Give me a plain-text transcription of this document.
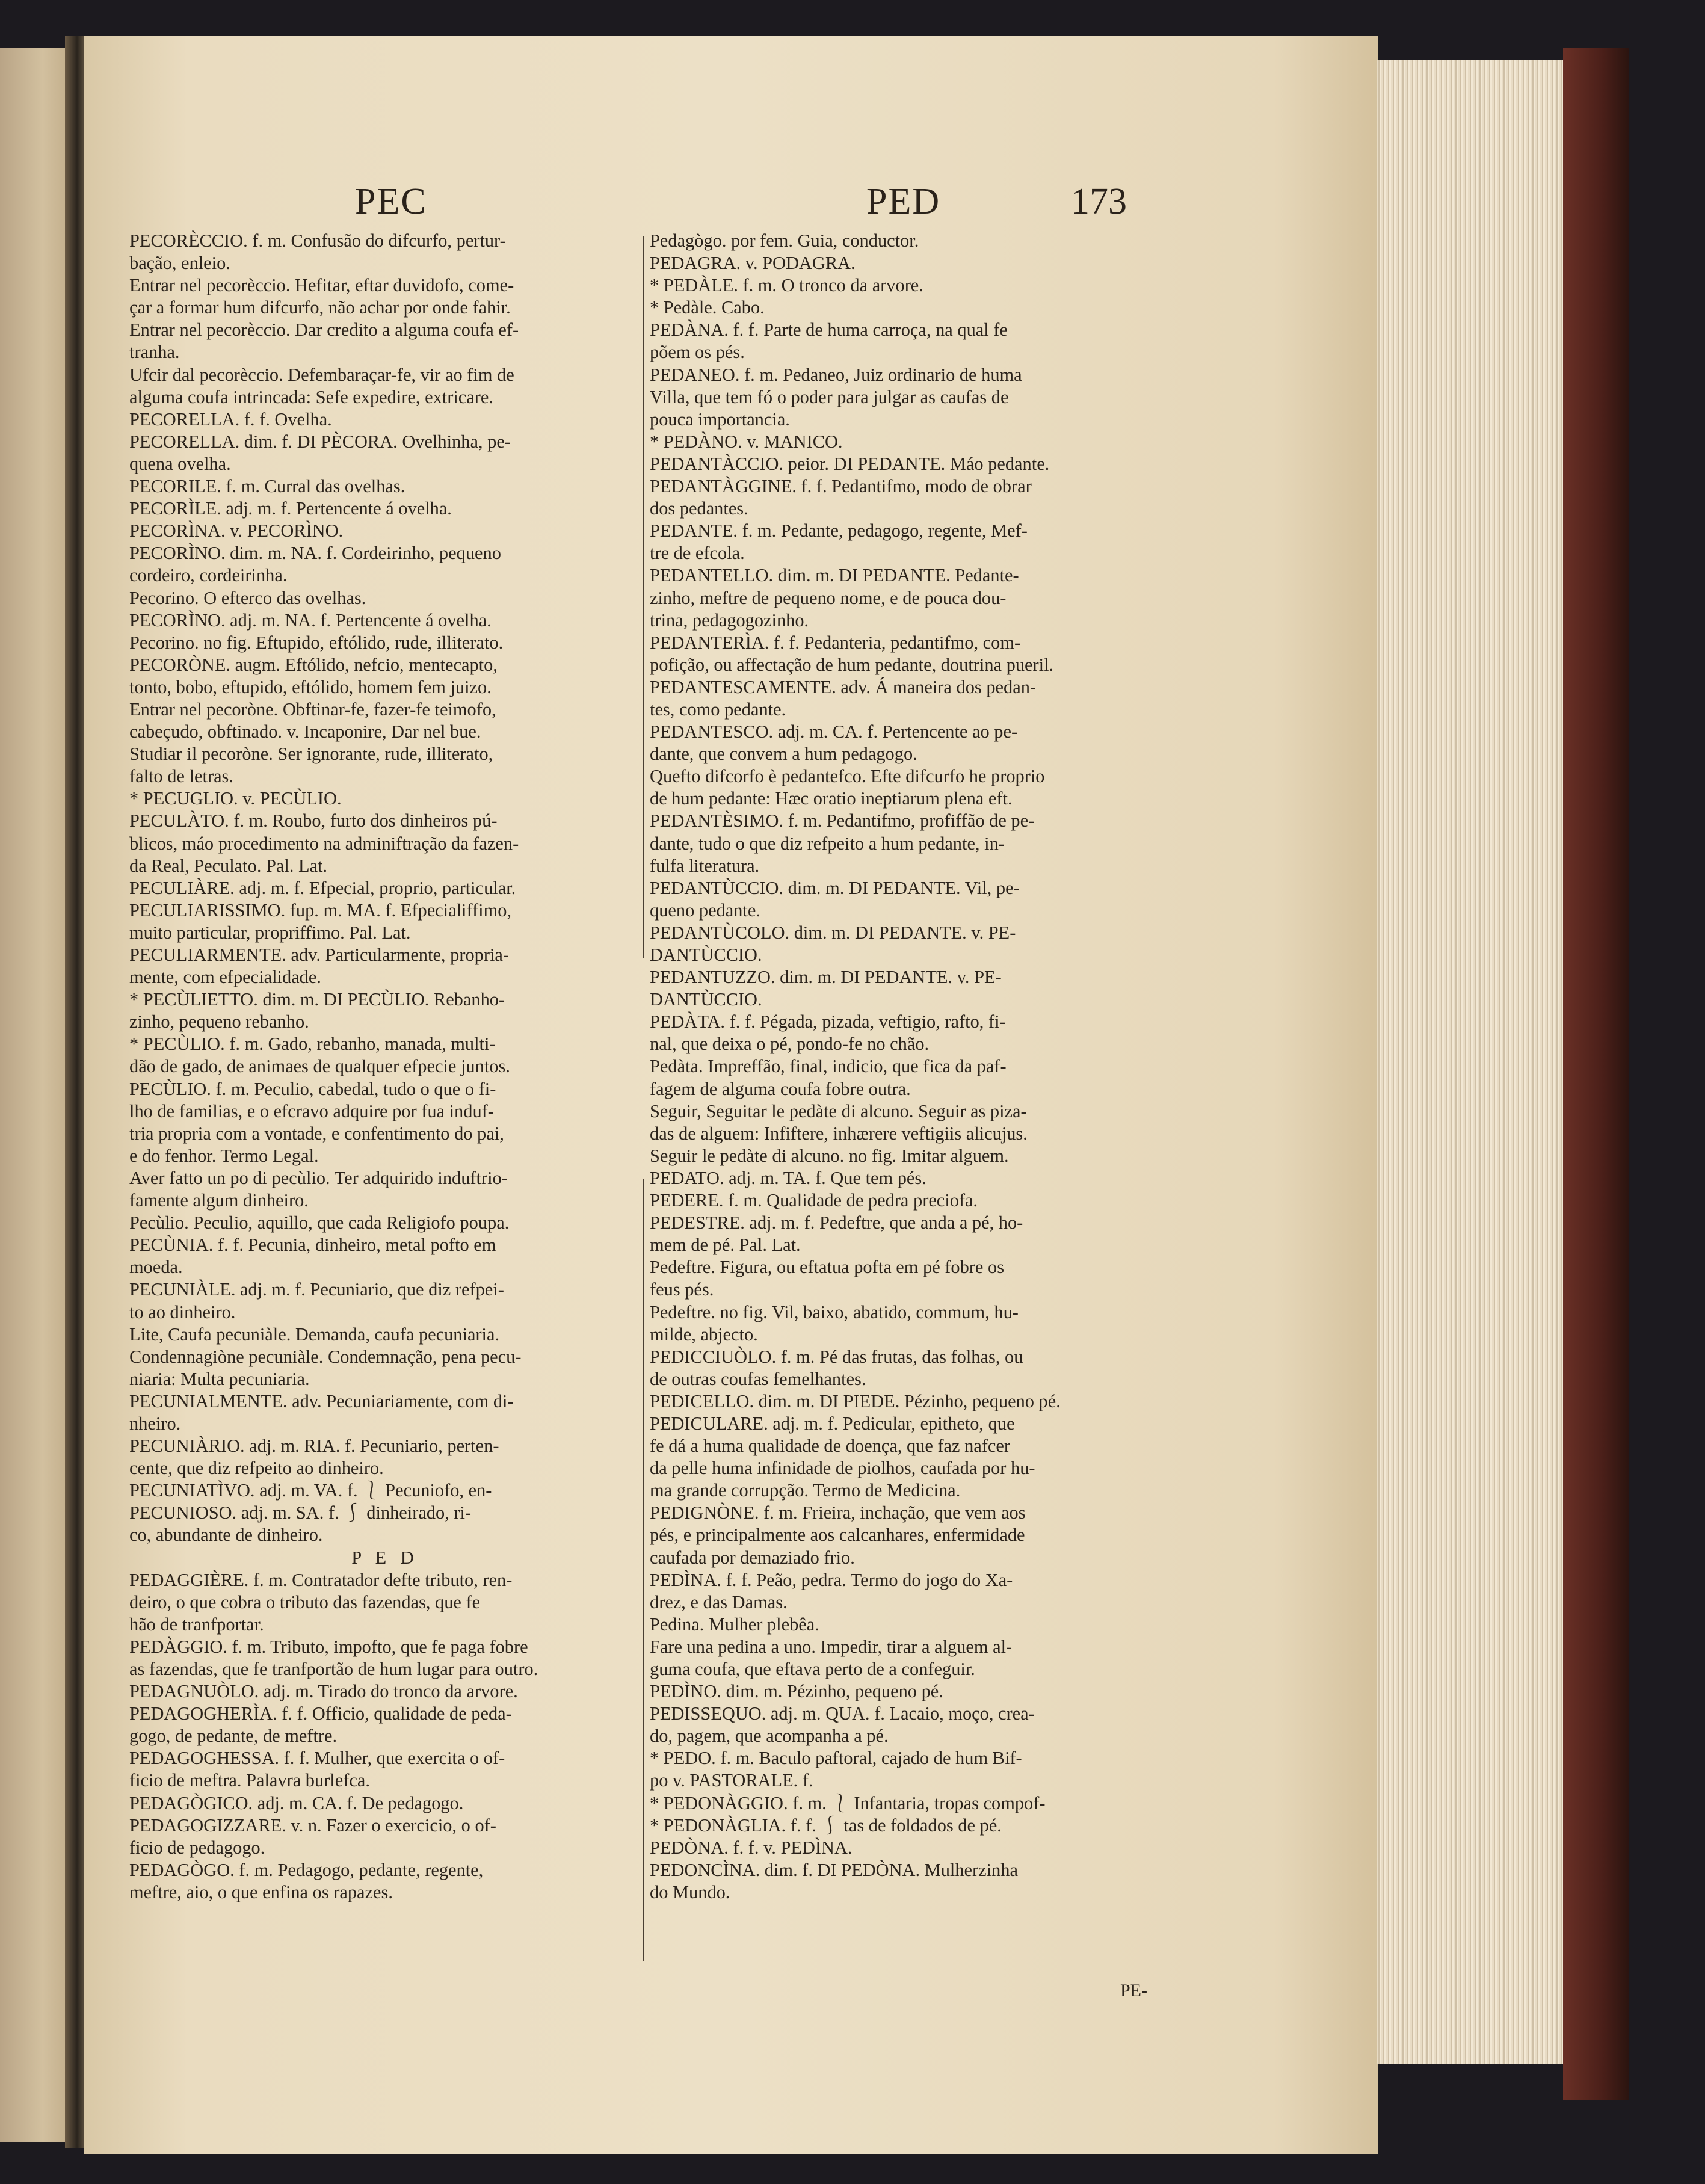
PEC	PED	173
PECORÈCCIO. f. m. Confusão do difcurfo, pertur-
bação, enleio.
Entrar nel pecorèccio. Hefitar, eftar duvidofo, come-
çar a formar hum difcurfo, não achar por onde fahir.
Entrar nel pecorèccio. Dar credito a alguma coufa ef-
tranha.
Ufcir dal pecorèccio. Defembaraçar-fe, vir ao fim de
alguma coufa intrincada: Sefe expedire, extricare.
PECORELLA. f. f. Ovelha.
PECORELLA. dim. f. DI PÈCORA. Ovelhinha, pe-
quena ovelha.
PECORILE. f. m. Curral das ovelhas.
PECORÌLE. adj. m. f. Pertencente á ovelha.
PECORÌNA. v. PECORÌNO.
PECORÌNO. dim. m. NA. f. Cordeirinho, pequeno
cordeiro, cordeirinha.
Pecorino. O efterco das ovelhas.
PECORÌNO. adj. m. NA. f. Pertencente á ovelha.
Pecorino. no fig. Eftupido, eftólido, rude, illiterato.
PECORÒNE. augm. Eftólido, nefcio, mentecapto,
tonto, bobo, eftupido, eftólido, homem fem juizo.
Entrar nel pecoròne. Obftinar-fe, fazer-fe teimofo,
cabeçudo, obftinado. v. Incaponire, Dar nel bue.
Studiar il pecoròne. Ser ignorante, rude, illiterato,
falto de letras.
* PECUGLIO. v. PECÙLIO.
PECULÀTO. f. m. Roubo, furto dos dinheiros pú-
blicos, máo procedimento na adminiftração da fazen-
da Real, Peculato. Pal. Lat.
PECULIÀRE. adj. m. f. Efpecial, proprio, particular.
PECULIARISSIMO. fup. m. MA. f. Efpecialiffimo,
muito particular, propriffimo. Pal. Lat.
PECULIARMENTE. adv. Particularmente, propria-
mente, com efpecialidade.
* PECÙLIETTO. dim. m. DI PECÙLIO. Rebanho-
zinho, pequeno rebanho.
* PECÙLIO. f. m. Gado, rebanho, manada, multi-
dão de gado, de animaes de qualquer efpecie juntos.
PECÙLIO. f. m. Peculio, cabedal, tudo o que o fi-
lho de familias, e o efcravo adquire por fua induf-
tria propria com a vontade, e confentimento do pai,
e do fenhor. Termo Legal.
Aver fatto un po di pecùlio. Ter adquirido induftrio-
famente algum dinheiro.
Pecùlio. Peculio, aquillo, que cada Religiofo poupa.
PECÙNIA. f. f. Pecunia, dinheiro, metal pofto em
moeda.
PECUNIÀLE. adj. m. f. Pecuniario, que diz refpei-
to ao dinheiro.
Lite, Caufa pecuniàle. Demanda, caufa pecuniaria.
Condennagiòne pecuniàle. Condemnação, pena pecu-
niaria: Multa pecuniaria.
PECUNIALMENTE. adv. Pecuniariamente, com di-
nheiro.
PECUNIÀRIO. adj. m. RIA. f. Pecuniario, perten-
cente, que diz refpeito ao dinheiro.
PECUNIATÌVO. adj. m. VA. f. ⎱ Pecuniofo, en-
PECUNIOSO. adj. m. SA. f. ⎰ dinheirado, ri-
co, abundante de dinheiro.
P E D
PEDAGGIÈRE. f. m. Contratador defte tributo, ren-
deiro, o que cobra o tributo das fazendas, que fe
hão de tranfportar.
PEDÀGGIO. f. m. Tributo, impofto, que fe paga fobre
as fazendas, que fe tranfportão de hum lugar para outro.
PEDAGNUÒLO. adj. m. Tirado do tronco da arvore.
PEDAGOGHERÌA. f. f. Officio, qualidade de peda-
gogo, de pedante, de meftre.
PEDAGOGHESSA. f. f. Mulher, que exercita o of-
ficio de meftra. Palavra burlefca.
PEDAGÒGICO. adj. m. CA. f. De pedagogo.
PEDAGOGIZZARE. v. n. Fazer o exercicio, o of-
ficio de pedagogo.
PEDAGÒGO. f. m. Pedagogo, pedante, regente,
meftre, aio, o que enfina os rapazes.
Pedagògo. por fem. Guia, conductor.
PEDAGRA. v. PODAGRA.
* PEDÀLE. f. m. O tronco da arvore.
* Pedàle. Cabo.
PEDÀNA. f. f. Parte de huma carroça, na qual fe
põem os pés.
PEDANEO. f. m. Pedaneo, Juiz ordinario de huma
Villa, que tem fó o poder para julgar as caufas de
pouca importancia.
* PEDÀNO. v. MANICO.
PEDANTÀCCIO. peior. DI PEDANTE. Máo pedante.
PEDANTÀGGINE. f. f. Pedantifmo, modo de obrar
dos pedantes.
PEDANTE. f. m. Pedante, pedagogo, regente, Mef-
tre de efcola.
PEDANTELLO. dim. m. DI PEDANTE. Pedante-
zinho, meftre de pequeno nome, e de pouca dou-
trina, pedagogozinho.
PEDANTERÌA. f. f. Pedanteria, pedantifmo, com-
pofição, ou affectação de hum pedante, doutrina pueril.
PEDANTESCAMENTE. adv. Á maneira dos pedan-
tes, como pedante.
PEDANTESCO. adj. m. CA. f. Pertencente ao pe-
dante, que convem a hum pedagogo.
Quefto difcorfo è pedantefco. Efte difcurfo he proprio
de hum pedante: Hæc oratio ineptiarum plena eft.
PEDANTÈSIMO. f. m. Pedantifmo, profiffão de pe-
dante, tudo o que diz refpeito a hum pedante, in-
fulfa literatura.
PEDANTÙCCIO. dim. m. DI PEDANTE. Vil, pe-
queno pedante.
PEDANTÙCOLO. dim. m. DI PEDANTE. v. PE-
DANTÙCCIO.
PEDANTUZZO. dim. m. DI PEDANTE. v. PE-
DANTÙCCIO.
PEDÀTA. f. f. Pégada, pizada, veftigio, rafto, fi-
nal, que deixa o pé, pondo-fe no chão.
Pedàta. Impreffão, final, indicio, que fica da paf-
fagem de alguma coufa fobre outra.
Seguir, Seguitar le pedàte di alcuno. Seguir as piza-
das de alguem: Infiftere, inhærere veftigiis alicujus.
Seguir le pedàte di alcuno. no fig. Imitar alguem.
PEDATO. adj. m. TA. f. Que tem pés.
PEDERE. f. m. Qualidade de pedra preciofa.
PEDESTRE. adj. m. f. Pedeftre, que anda a pé, ho-
mem de pé. Pal. Lat.
Pedeftre. Figura, ou eftatua pofta em pé fobre os
feus pés.
Pedeftre. no fig. Vil, baixo, abatido, commum, hu-
milde, abjecto.
PEDICCIUÒLO. f. m. Pé das frutas, das folhas, ou
de outras coufas femelhantes.
PEDICELLO. dim. m. DI PIEDE. Pézinho, pequeno pé.
PEDICULARE. adj. m. f. Pedicular, epitheto, que
fe dá a huma qualidade de doença, que faz nafcer
da pelle huma infinidade de piolhos, caufada por hu-
ma grande corrupção. Termo de Medicina.
PEDIGNÒNE. f. m. Frieira, inchação, que vem aos
pés, e principalmente aos calcanhares, enfermidade
caufada por demaziado frio.
PEDÌNA. f. f. Peão, pedra. Termo do jogo do Xa-
drez, e das Damas.
Pedina. Mulher plebêa.
Fare una pedina a uno. Impedir, tirar a alguem al-
guma coufa, que eftava perto de a confeguir.
PEDÌNO. dim. m. Pézinho, pequeno pé.
PEDISSEQUO. adj. m. QUA. f. Lacaio, moço, crea-
do, pagem, que acompanha a pé.
* PEDO. f. m. Baculo paftoral, cajado de hum Bif-
po v. PASTORALE. f.
* PEDONÀGGIO. f. m. ⎱ Infantaria, tropas compof-
* PEDONÀGLIA. f. f. ⎰ tas de foldados de pé.
PEDÒNA. f. f. v. PEDÌNA.
PEDONCÌNA. dim. f. DI PEDÒNA. Mulherzinha
do Mundo.
PE-
